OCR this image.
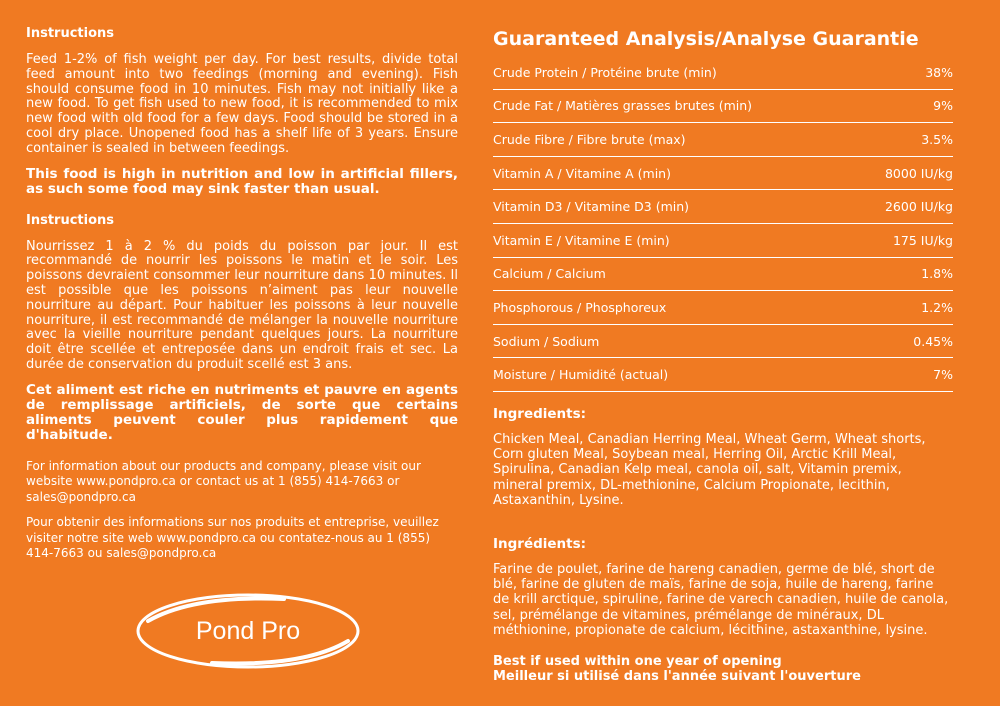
Instructions

Feed 1-2% of fish weight per day. For best results, divide total feed amount into two feedings (morning and evening). Fish should consume food in 10 minutes. Fish may not initially like a new food. To get fish used to new food, it is recommended to mix new food with old food for a few days. Food should be stored in a cool dry place. Unopened food has a shelf life of 3 years. Ensure container is sealed in between feedings.

This food is high in nutrition and low in artificial fillers, as such some food may sink faster than usual.

Instructions

Nourrissez 1 à 2 % du poids du poisson par jour. Il est recommandé de nourrir les poissons le matin et le soir. Les poissons devraient consommer leur nourriture dans 10 minutes. Il est possible que les poissons n’aiment pas leur nouvelle nourriture au départ. Pour habituer les poissons à leur nouvelle nourriture, il est recommandé de mélanger la nouvelle nourriture avec la vieille nourriture pendant quelques jours. La nourriture doit être scellée et entreposée dans un endroit frais et sec. La durée de conservation du produit scellé est 3 ans.

Cet aliment est riche en nutriments et pauvre en agents de remplissage artificiels, de sorte que certains aliments peuvent couler plus rapidement que d'habitude.

For information about our products and company, please visit our website www.pondpro.ca or contact us at 1 (855) 414-7663 or sales@pondpro.ca

Pour obtenir des informations sur nos produits et entreprise, veuillez visiter notre site web www.pondpro.ca ou contatez-nous au 1 (855) 414-7663 ou sales@pondpro.ca

Pond Pro
Guaranteed Analysis/Analyse Guarantie
Crude Protein / Protéine brute (min)	38%
Crude Fat / Matières grasses brutes (min)	9%
Crude Fibre / Fibre brute (max)	3.5%
Vitamin A / Vitamine A (min)	8000 IU/kg
Vitamin D3 / Vitamine D3 (min)	2600 IU/kg
Vitamin E / Vitamine E (min)	175 IU/kg
Calcium / Calcium	1.8%
Phosphorous / Phosphoreux	1.2%
Sodium / Sodium	0.45%
Moisture / Humidité (actual)	7%
Ingredients:

Chicken Meal, Canadian Herring Meal, Wheat Germ, Wheat shorts, Corn gluten Meal, Soybean meal, Herring Oil, Arctic Krill Meal, Spirulina, Canadian Kelp meal, canola oil, salt, Vitamin premix, mineral premix, DL-methionine, Calcium Propionate, lecithin, Astaxanthin, Lysine.

Ingrédients:

Farine de poulet, farine de hareng canadien, germe de blé, short de blé, farine de gluten de maïs, farine de soja, huile de hareng, farine de krill arctique, spiruline, farine de varech canadien, huile de canola, sel, prémélange de vitamines, prémélange de minéraux, DL méthionine, propionate de calcium, lécithine, astaxanthine, lysine.

Best if used within one year of opening
Meilleur si utilisé dans l'année suivant l'ouverture
